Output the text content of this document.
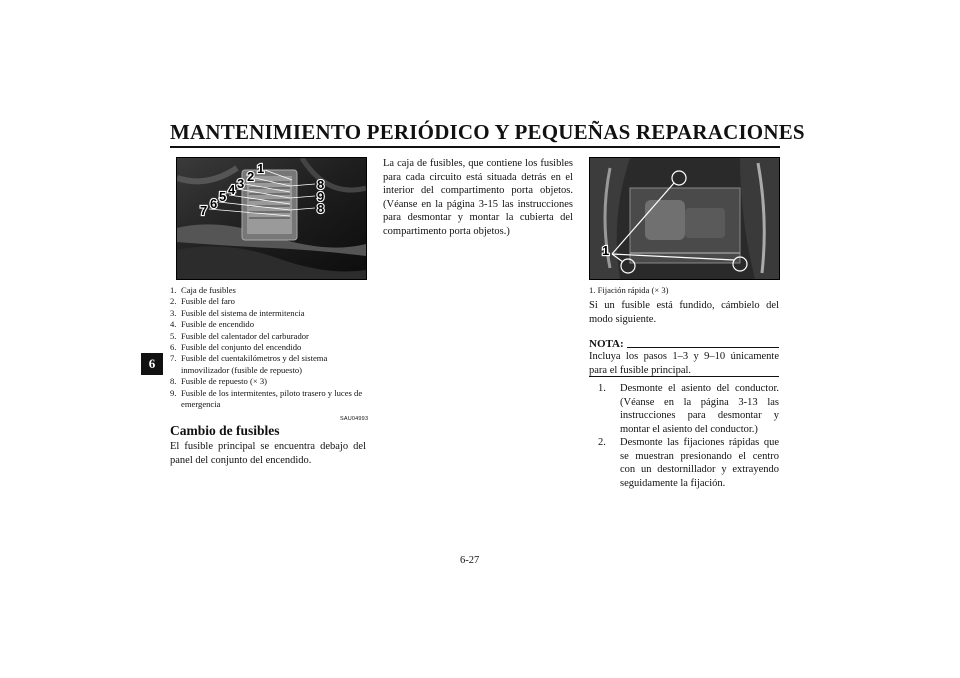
MANTENIMIENTO PERIÓDICO Y PEQUEÑAS REPARACIONES
6
1
2
3
4
5
6
7
8
9
8
1. Caja de fusibles
2. Fusible del faro
3. Fusible del sistema de intermitencia
4. Fusible de encendido
5. Fusible del calentador del carburador
6. Fusible del conjunto del encendido
7. Fusible del cuentakilómetros y del sistema inmovilizador (fusible de repuesto)
8. Fusible de repuesto (× 3)
9. Fusible de los intermitentes, piloto trasero y luces de emergencia
SAU04993
Cambio de fusibles
El fusible principal se encuentra debajo del panel del conjunto del encendido.
La caja de fusibles, que contiene los fusibles para cada circuito está situada detrás en el interior del compartimento porta objetos. (Véanse en la página 3-15 las instrucciones para desmontar y montar la cubierta del compartimento porta objetos.)
1
1. Fijación rápida (× 3)
Si un fusible está fundido, cámbielo del modo siguiente.
NOTA:
Incluya los pasos 1–3 y 9–10 únicamente para el fusible principal.
1.	Desmonte el asiento del conductor. (Véanse en la página 3-13 las instrucciones para desmontar y montar el asiento del conductor.)
2.	Desmonte las fijaciones rápidas que se muestran presionando el centro con un destornillador y extrayendo seguidamente la fijación.
6-27
